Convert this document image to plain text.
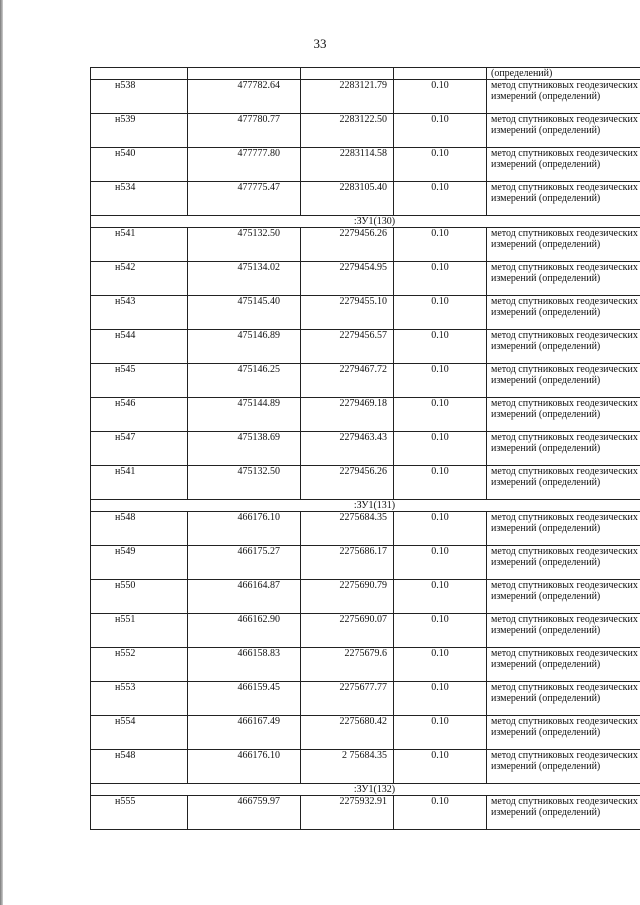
33
				(определений)
н538	477782.64	2283121.79	0.10	метод спутниковых геодезических измерений (определений)
н539	477780.77	2283122.50	0.10	метод спутниковых геодезических измерений (определений)
н540	477777.80	2283114.58	0.10	метод спутниковых геодезических измерений (определений)
н534	477775.47	2283105.40	0.10	метод спутниковых геодезических измерений (определений)
:ЗУ1(130)				
н541	475132.50	2279456.26	0.10	метод спутниковых геодезических измерений (определений)
н542	475134.02	2279454.95	0.10	метод спутниковых геодезических измерений (определений)
н543	475145.40	2279455.10	0.10	метод спутниковых геодезических измерений (определений)
н544	475146.89	2279456.57	0.10	метод спутниковых геодезических измерений (определений)
н545	475146.25	2279467.72	0.10	метод спутниковых геодезических измерений (определений)
н546	475144.89	2279469.18	0.10	метод спутниковых геодезических измерений (определений)
н547	475138.69	2279463.43	0.10	метод спутниковых геодезических измерений (определений)
н541	475132.50	2279456.26	0.10	метод спутниковых геодезических измерений (определений)
:ЗУ1(131)				
н548	466176.10	2275684.35	0.10	метод спутниковых геодезических измерений (определений)
н549	466175.27	2275686.17	0.10	метод спутниковых геодезических измерений (определений)
н550	466164.87	2275690.79	0.10	метод спутниковых геодезических измерений (определений)
н551	466162.90	2275690.07	0.10	метод спутниковых геодезических измерений (определений)
н552	466158.83	2275679.6	0.10	метод спутниковых геодезических измерений (определений)
н553	466159.45	2275677.77	0.10	метод спутниковых геодезических измерений (определений)
н554	466167.49	2275680.42	0.10	метод спутниковых геодезических измерений (определений)
н548	466176.10	2 75684.35	0.10	метод спутниковых геодезических измерений (определений)
:ЗУ1(132)				
н555	466759.97	2275932.91	0.10	метод спутниковых геодезических измерений (определений)
